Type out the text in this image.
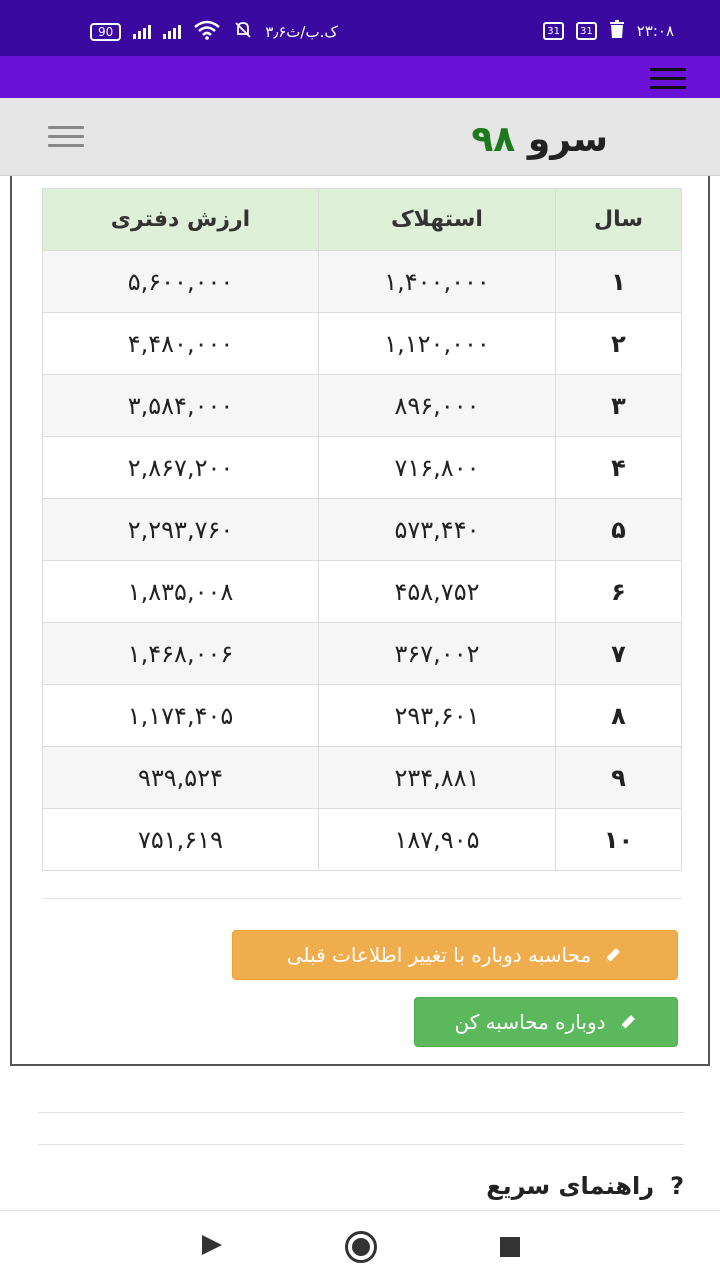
90	۳٫۶ک.ب/ث	31 31	۲۳:۰۸
سرو ۹۸
سال	استهلاک	ارزش دفتری
۱	۱,۴۰۰,۰۰۰	۵,۶۰۰,۰۰۰
۲	۱,۱۲۰,۰۰۰	۴,۴۸۰,۰۰۰
۳	۸۹۶,۰۰۰	۳,۵۸۴,۰۰۰
۴	۷۱۶,۸۰۰	۲,۸۶۷,۲۰۰
۵	۵۷۳,۴۴۰	۲,۲۹۳,۷۶۰
۶	۴۵۸,۷۵۲	۱,۸۳۵,۰۰۸
۷	۳۶۷,۰۰۲	۱,۴۶۸,۰۰۶
۸	۲۹۳,۶۰۱	۱,۱۷۴,۴۰۵
۹	۲۳۴,۸۸۱	۹۳۹,۵۲۴
۱۰	۱۸۷,۹۰۵	۷۵۱,۶۱۹
محاسبه دوباره با تغییر اطلاعات قبلی
دوباره محاسبه کن
?
راهنمای سریع
